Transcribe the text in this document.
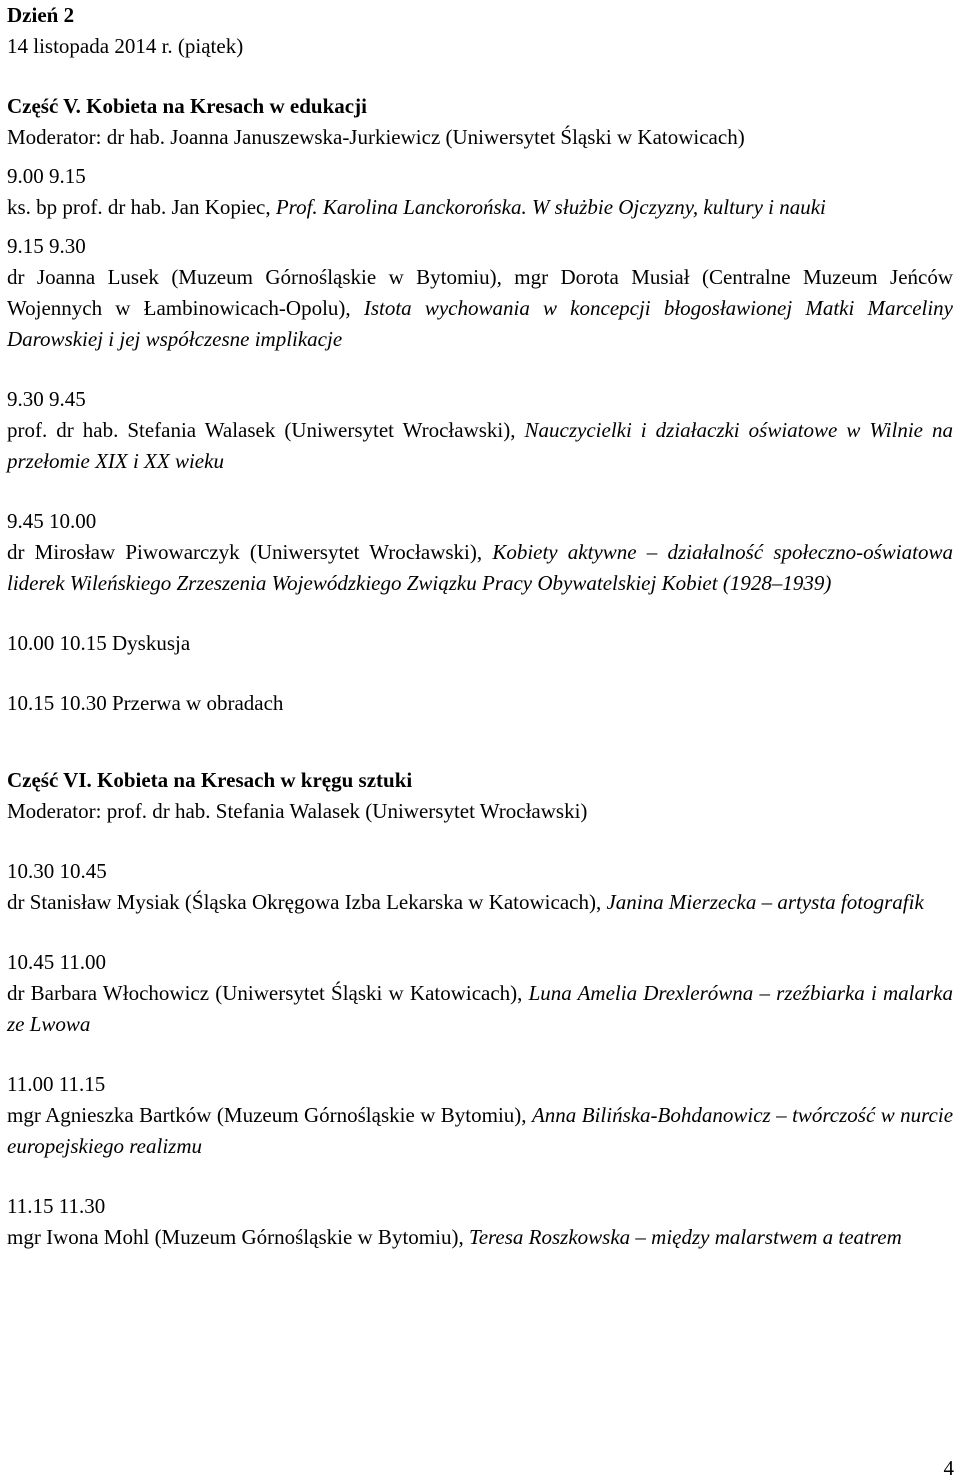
Dzień 2
14 listopada 2014 r. (piątek)
Część V. Kobieta na Kresach w edukacji
Moderator: dr hab. Joanna Januszewska-Jurkiewicz (Uniwersytet Śląski w Katowicach)
9.00 9.15
ks. bp prof. dr hab. Jan Kopiec, Prof. Karolina Lanckorońska. W służbie Ojczyzny, kultury i nauki
9.15 9.30
dr Joanna Lusek (Muzeum Górnośląskie w Bytomiu), mgr Dorota Musiał (Centralne Muzeum Jeńców Wojennych w Łambinowicach-Opolu), Istota wychowania w koncepcji błogosławionej Matki Marceliny Darowskiej i jej współczesne implikacje
9.30 9.45
prof. dr hab. Stefania Walasek (Uniwersytet Wrocławski), Nauczycielki i działaczki oświatowe w Wilnie na przełomie XIX i XX wieku
9.45 10.00
dr Mirosław Piwowarczyk (Uniwersytet Wrocławski), Kobiety aktywne – działalność społeczno-oświatowa liderek Wileńskiego Zrzeszenia Wojewódzkiego Związku Pracy Obywatelskiej Kobiet (1928–1939)
10.00 10.15 Dyskusja
10.15 10.30 Przerwa w obradach
Część VI. Kobieta na Kresach w kręgu sztuki
Moderator: prof. dr hab. Stefania Walasek (Uniwersytet Wrocławski)
10.30 10.45
dr Stanisław Mysiak (Śląska Okręgowa Izba Lekarska w Katowicach), Janina Mierzecka – artysta fotografik
10.45 11.00
dr Barbara Włochowicz (Uniwersytet Śląski w Katowicach), Luna Amelia Drexlerówna – rzeźbiarka i malarka ze Lwowa
11.00 11.15
mgr Agnieszka Bartków (Muzeum Górnośląskie w Bytomiu), Anna Bilińska-Bohdanowicz – twórczość w nurcie europejskiego realizmu
11.15 11.30
mgr Iwona Mohl (Muzeum Górnośląskie w Bytomiu), Teresa Roszkowska – między malarstwem a teatrem
4
